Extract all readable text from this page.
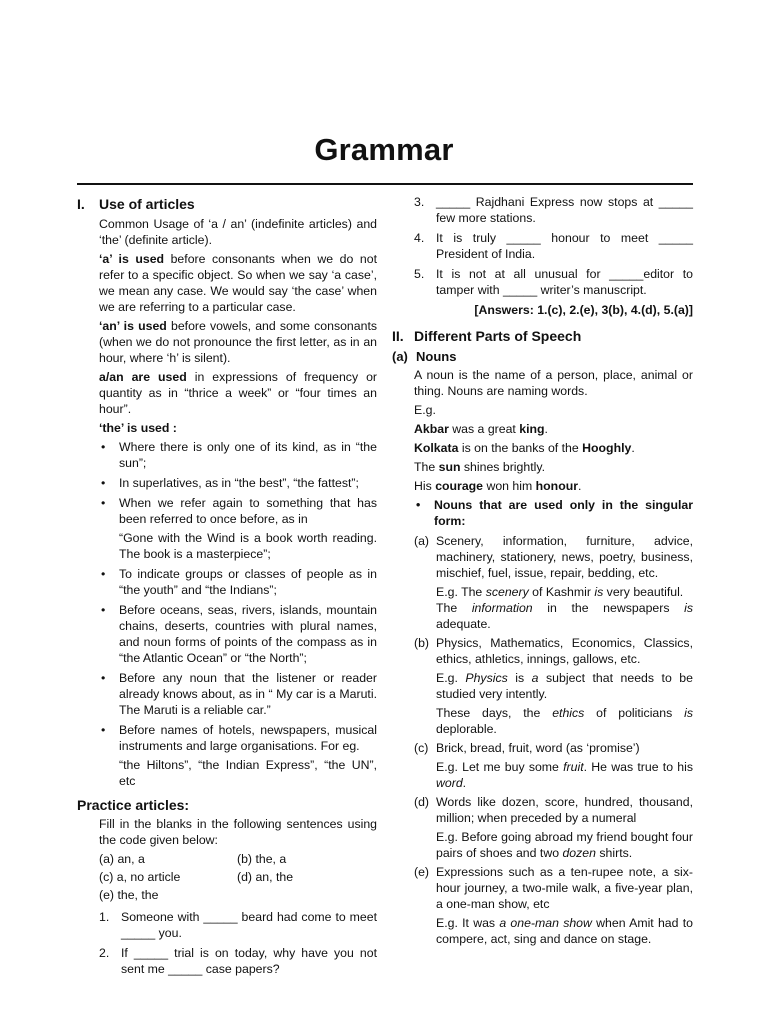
Grammar
I.	Use of articles

Common Usage of ‘a / an’ (indefinite articles) and ‘the’ (definite article).

‘a’ is used before consonants when we do not refer to a specific object. So when we say ‘a case’, we mean any case. We would say ‘the case’ when we are referring to a particular case.

‘an’ is used before vowels, and some consonants (when we do not pronounce the first letter, as in an hour, where ‘h’ is silent).

a/an are used in expressions of frequency or quantity as in “thrice a week” or “four times an hour”.

‘the’ is used :

• Where there is only one of its kind, as in “the sun”;
• In superlatives, as in “the best”, “the fattest”;
• When we refer again to something that has been referred to once before, as in
“Gone with the Wind is a book worth reading. The book is a masterpiece”;
• To indicate groups or classes of people as in “the youth” and “the Indians”;
• Before oceans, seas, rivers, islands, mountain chains, deserts, countries with plural names, and noun forms of points of the compass as in “the Atlantic Ocean” or “the North”;
• Before any noun that the listener or reader already knows about, as in “ My car is a Maruti. The Maruti is a reliable car.”
• Before names of hotels, newspapers, musical instruments and large organisations. For eg.
“the Hiltons”, “the Indian Express”, “the UN”, etc
Practice articles:

Fill in the blanks in the following sentences using the code given below:

(a) an, a	(b) the, a
(c) a, no article	(d) an, the
(e) the, the
1. Someone with _____ beard had come to meet _____ you.
2. If _____ trial is on today, why have you not sent me _____ case papers?
3. _____ Rajdhani Express now stops at _____ few more stations.
4. It is truly _____ honour to meet _____ President of India.
5. It is not at all unusual for _____editor to tamper with _____ writer’s manuscript.
[Answers: 1.(c), 2.(e), 3(b), 4.(d), 5.(a)]
II. Different Parts of Speech
(a) Nouns

A noun is the name of a person, place, animal or thing. Nouns are naming words.

E.g.

Akbar was a great king.

Kolkata is on the banks of the Hooghly.

The sun shines brightly.

His courage won him honour.

• Nouns that are used only in the singular form:
(a) Scenery, information, furniture, advice, machinery, stationery, news, poetry, business, mischief, fuel, issue, repair, bedding, etc.

E.g. The scenery of Kashmir is very beautiful.
The information in the newspapers is adequate.

(b) Physics, Mathematics, Economics, Classics, ethics, athletics, innings, gallows, etc.

E.g. Physics is a subject that needs to be studied very intently.

These days, the ethics of politicians is deplorable.

(c) Brick, bread, fruit, word (as ‘promise’)

E.g. Let me buy some fruit. He was true to his word.

(d) Words like dozen, score, hundred, thousand, million; when preceded by a numeral

E.g. Before going abroad my friend bought four pairs of shoes and two dozen shirts.

(e) Expressions such as a ten-rupee note, a six-hour journey, a two-mile walk, a five-year plan, a one-man show, etc

E.g. It was a one-man show when Amit had to compere, act, sing and dance on stage.
